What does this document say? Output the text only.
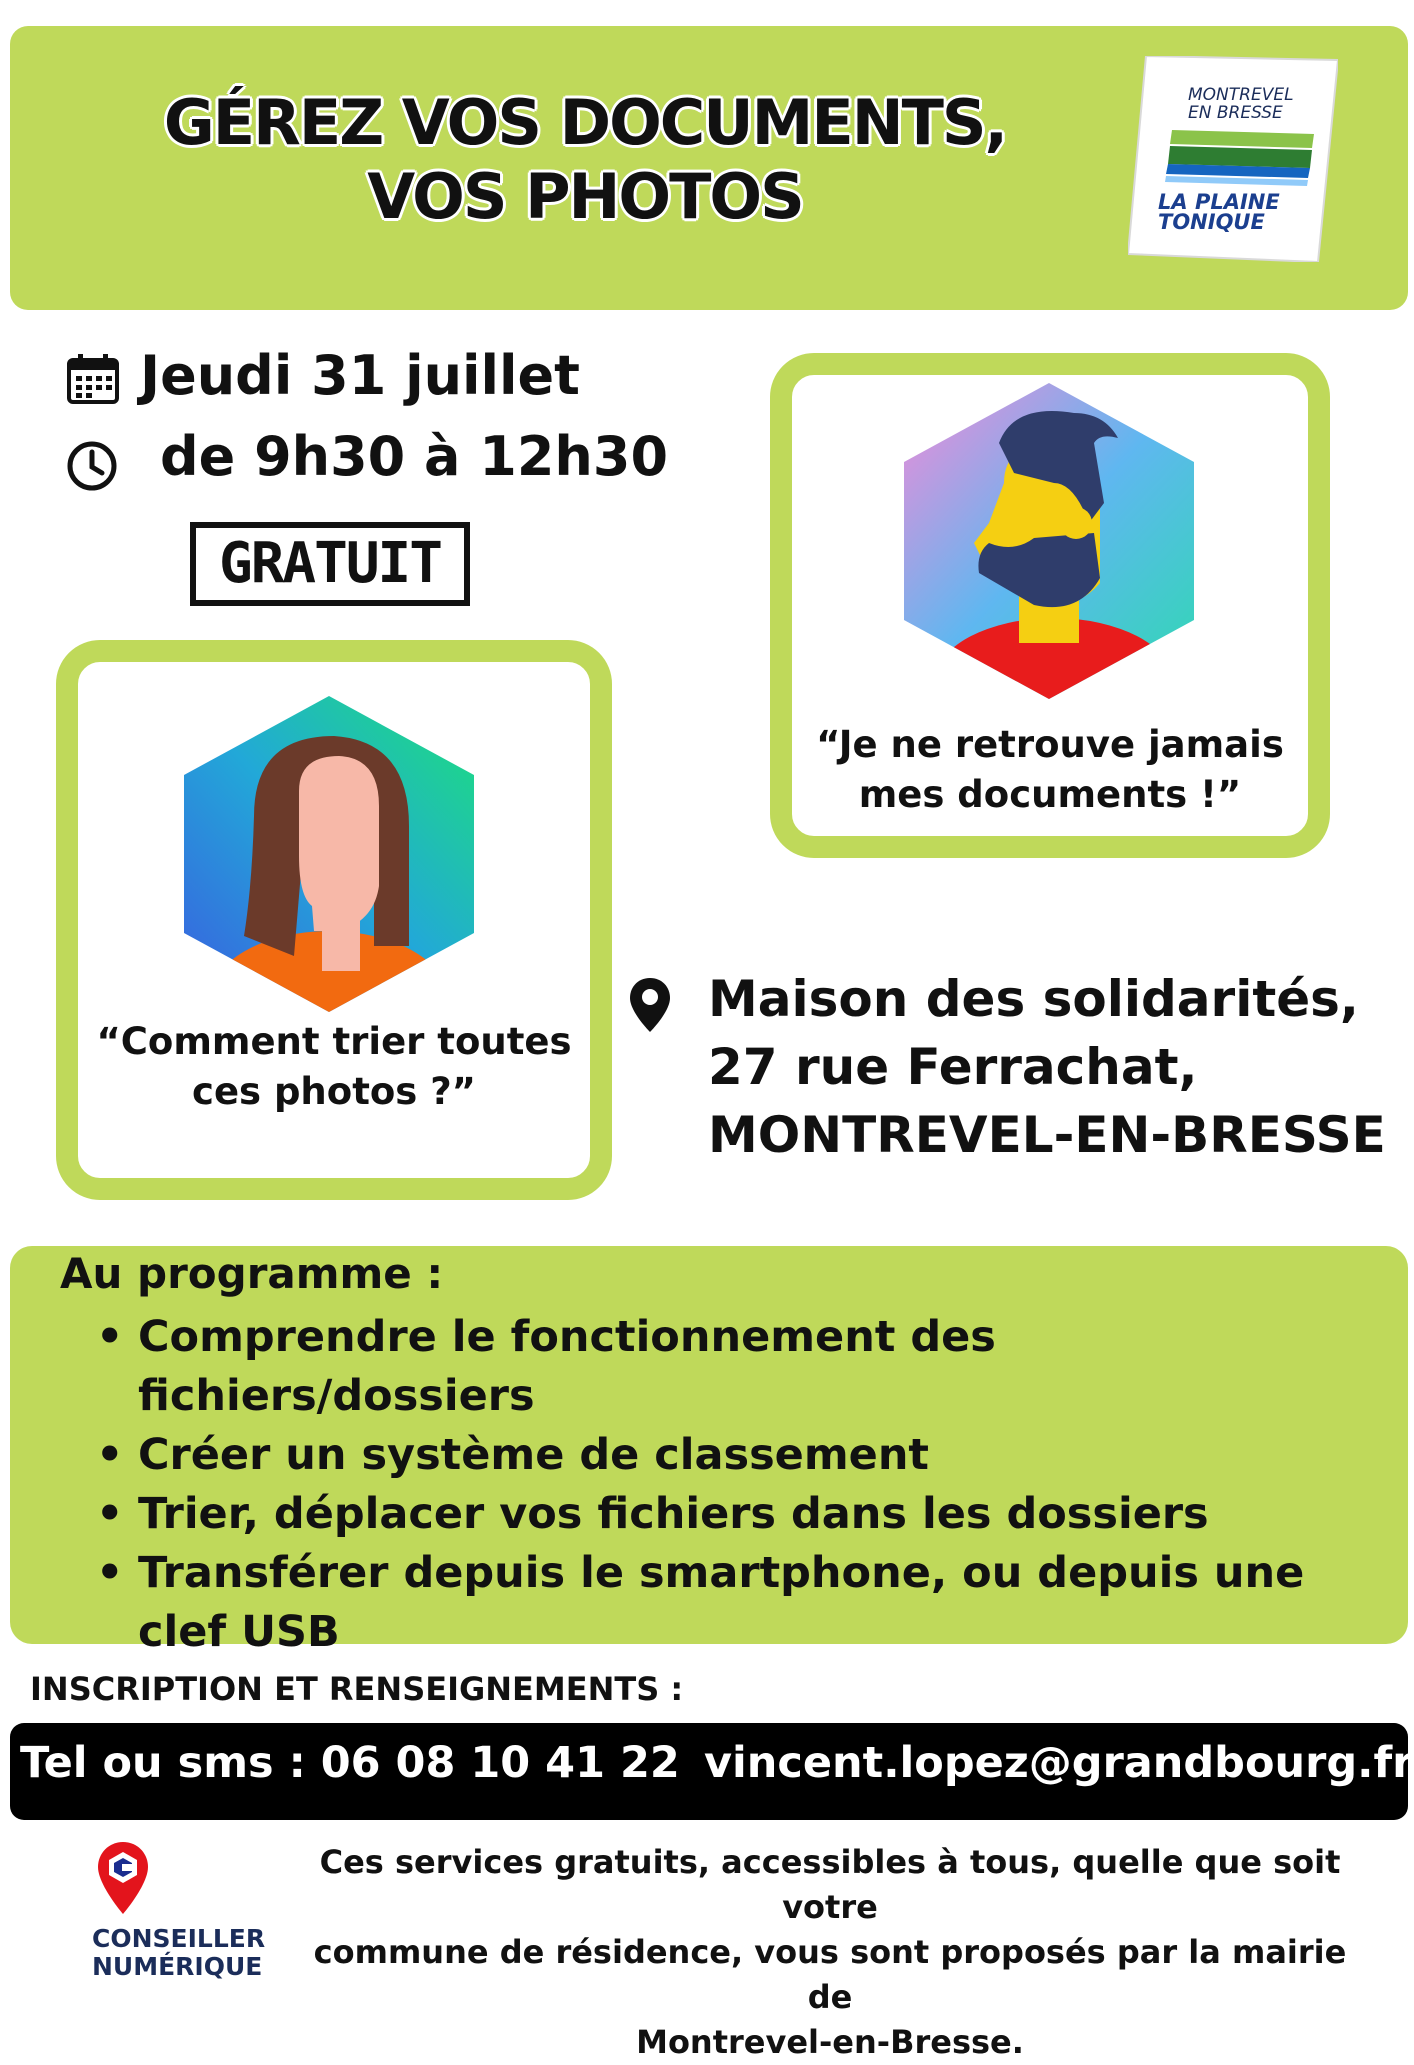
GÉREZ VOS DOCUMENTS,
VOS PHOTOS
MONTREVEL
EN BRESSE
LA PLAINE
TONIQUE
Jeudi 31 juillet
de 9h30 à 12h30
GRATUIT
“Je ne retrouve jamais
mes documents !”
“Comment trier toutes
ces photos ?”
Maison des solidarités,
27 rue Ferrachat,
MONTREVEL-EN-BRESSE
Au programme :
• Comprendre le fonctionnement des fichiers/dossiers
• Créer un système de classement
• Trier, déplacer vos fichiers dans les dossiers
• Transférer depuis le smartphone, ou depuis une clef USB
INSCRIPTION ET RENSEIGNEMENTS :
Tel ou sms : 06 08 10 41 22 vincent.lopez@grandbourg.fr
CONSEILLER
NUMÉRIQUE
Ces services gratuits, accessibles à tous, quelle que soit votre
commune de résidence, vous sont proposés par la mairie de
Montrevel-en-Bresse.
